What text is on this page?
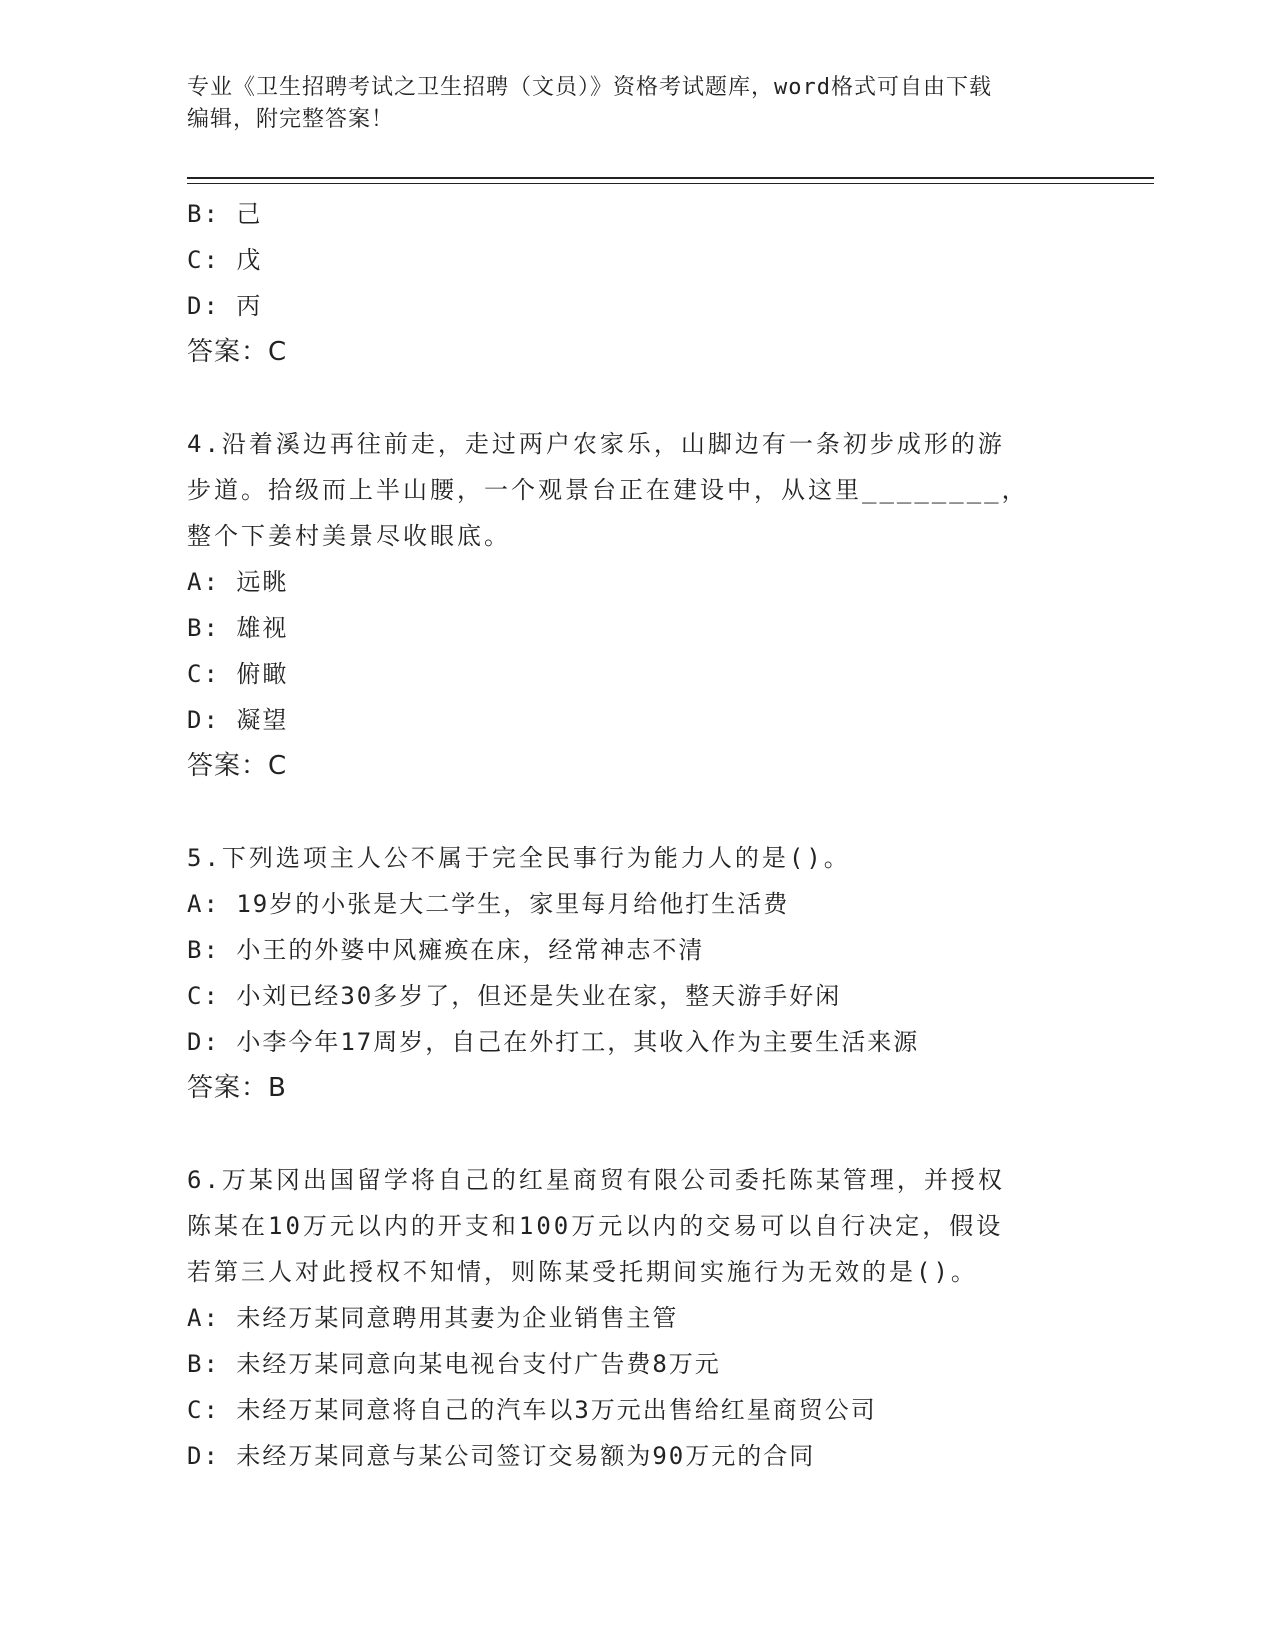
专业《卫生招聘考试之卫生招聘（文员）》资格考试题库，word格式可自由下载
编辑，附完整答案！
B: 己
C: 戊
D: 丙
答案：C
4.沿着溪边再往前走，走过两户农家乐，山脚边有一条初步成形的游
步道。拾级而上半山腰，一个观景台正在建设中，从这里________，
整个下姜村美景尽收眼底。
A: 远眺
B: 雄视
C: 俯瞰
D: 凝望
答案：C
5.下列选项主人公不属于完全民事行为能力人的是()。
A: 19岁的小张是大二学生，家里每月给他打生活费
B: 小王的外婆中风瘫痪在床，经常神志不清
C: 小刘已经30多岁了，但还是失业在家，整天游手好闲
D: 小李今年17周岁，自己在外打工，其收入作为主要生活来源
答案：B
6.万某冈出国留学将自己的红星商贸有限公司委托陈某管理，并授权
陈某在10万元以内的开支和100万元以内的交易可以自行决定，假设
若第三人对此授权不知情，则陈某受托期间实施行为无效的是()。
A: 未经万某同意聘用其妻为企业销售主管
B: 未经万某同意向某电视台支付广告费8万元
C: 未经万某同意将自己的汽车以3万元出售给红星商贸公司
D: 未经万某同意与某公司签订交易额为90万元的合同
